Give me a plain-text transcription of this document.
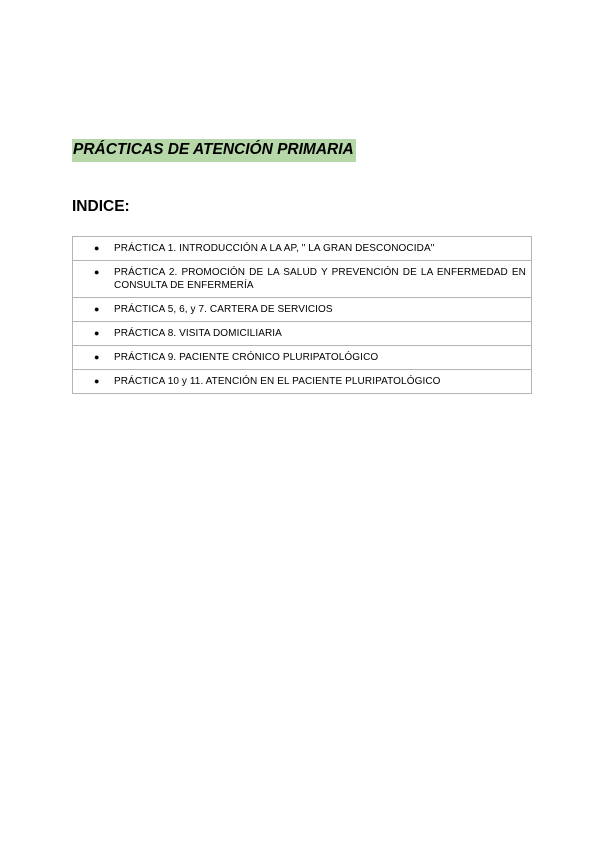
PRÁCTICAS DE ATENCIÓN PRIMARIA
INDICE:
●	PRÁCTICA 1. INTRODUCCIÓN A LA AP, " LA GRAN DESCONOCIDA"

●	PRÁCTICA 2. PROMOCIÓN DE LA SALUD Y PREVENCIÓN DE LA ENFERMEDAD EN CONSULTA DE ENFERMERÍA

●	PRÁCTICA 5, 6, y 7. CARTERA DE SERVICIOS

●	PRÁCTICA 8. VISITA DOMICILIARIA

●	PRÁCTICA 9. PACIENTE CRÓNICO PLURIPATOLÓGICO

●	PRÁCTICA 10 y 11. ATENCIÓN EN EL PACIENTE PLURIPATOLÓGICO
